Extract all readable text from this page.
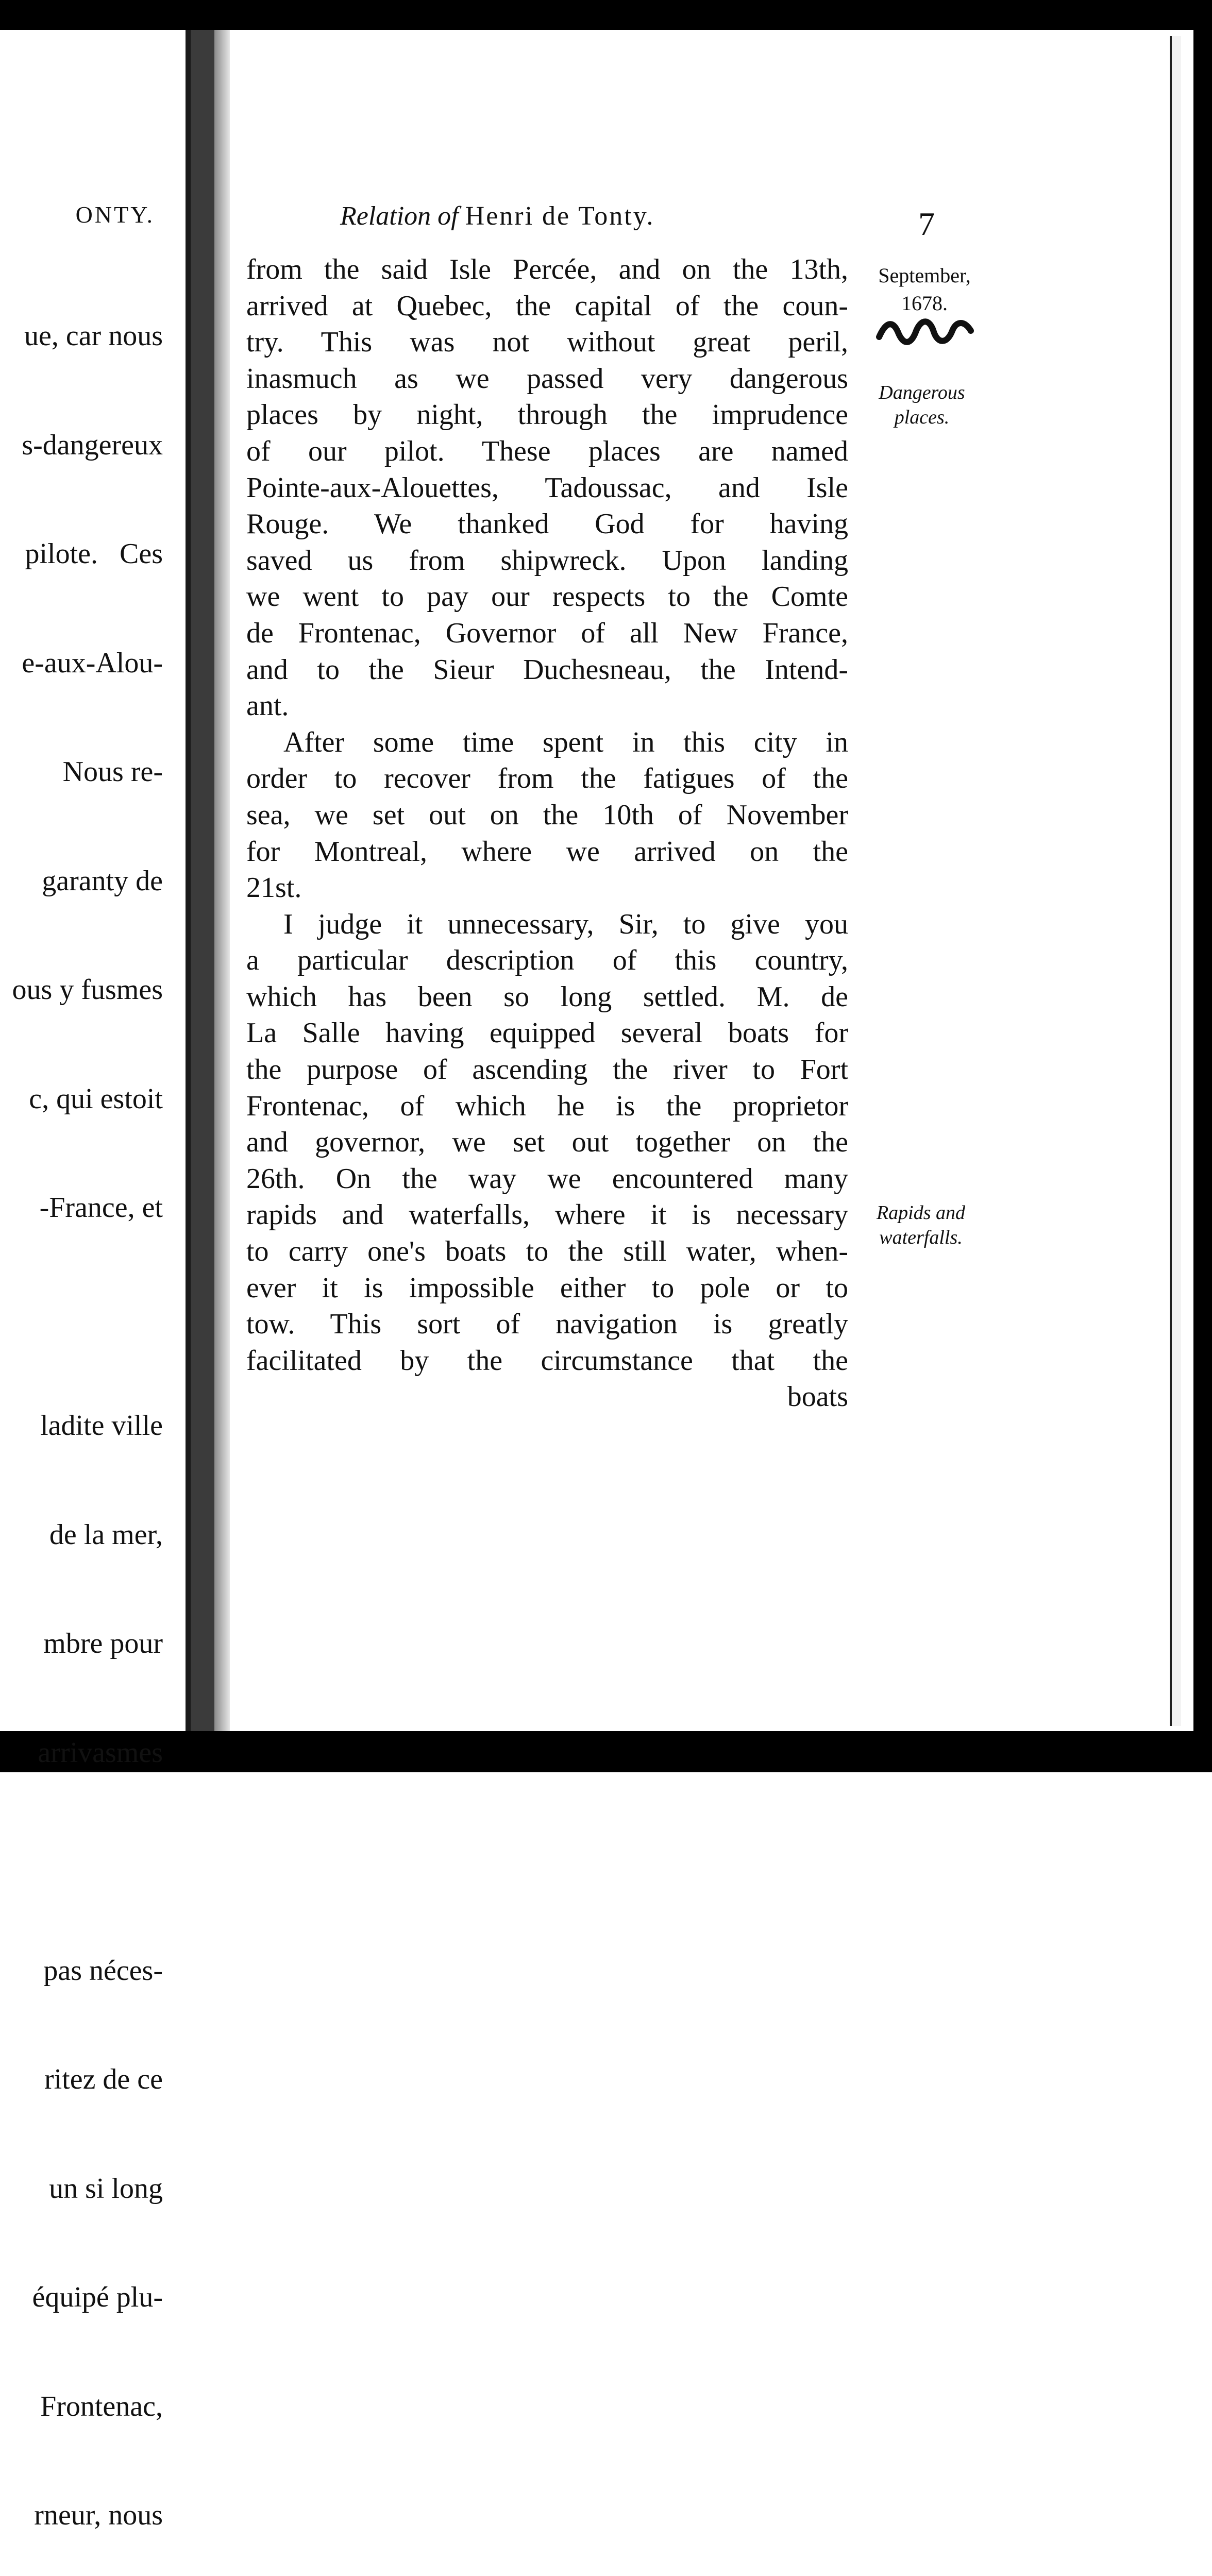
ONTY.

ue, car nous

s-dangereux

pilote.   Ces

e-aux-Alou-

Nous re-

garanty de

ous y fusmes

c, qui estoit

-France, et

ladite ville

de la mer,

mbre pour

arrivasmes

pas néces-

ritez de ce

un si long

équipé plu-

Frontenac,

rneur, nous

Relation of Henri de Tonty.	7
September,
1678.
Dangerous
places.
Rapids and
waterfalls.

from the said Isle Percée, and on the 13th,
arrived at Quebec, the capital of the coun-
try. This was not without great peril,
inasmuch as we passed very dangerous
places by night, through the imprudence
of our pilot. These places are named
Pointe-aux-Alouettes, Tadoussac, and Isle
Rouge. We thanked God for having
saved us from shipwreck. Upon landing
we went to pay our respects to the Comte
de Frontenac, Governor of all New France,
and to the Sieur Duchesneau, the Intend-
ant.

After some time spent in this city in
order to recover from the fatigues of the
sea, we set out on the 10th of November
for Montreal, where we arrived on the
21st.

I judge it unnecessary, Sir, to give you
a particular description of this country,
which has been so long settled. M. de
La Salle having equipped several boats for
the purpose of ascending the river to Fort
Frontenac, of which he is the proprietor
and governor, we set out together on the
26th. On the way we encountered many
rapids and waterfalls, where it is necessary
to carry one's boats to the still water, when-
ever it is impossible either to pole or to
tow. This sort of navigation is greatly
facilitated by the circumstance that the
boats
